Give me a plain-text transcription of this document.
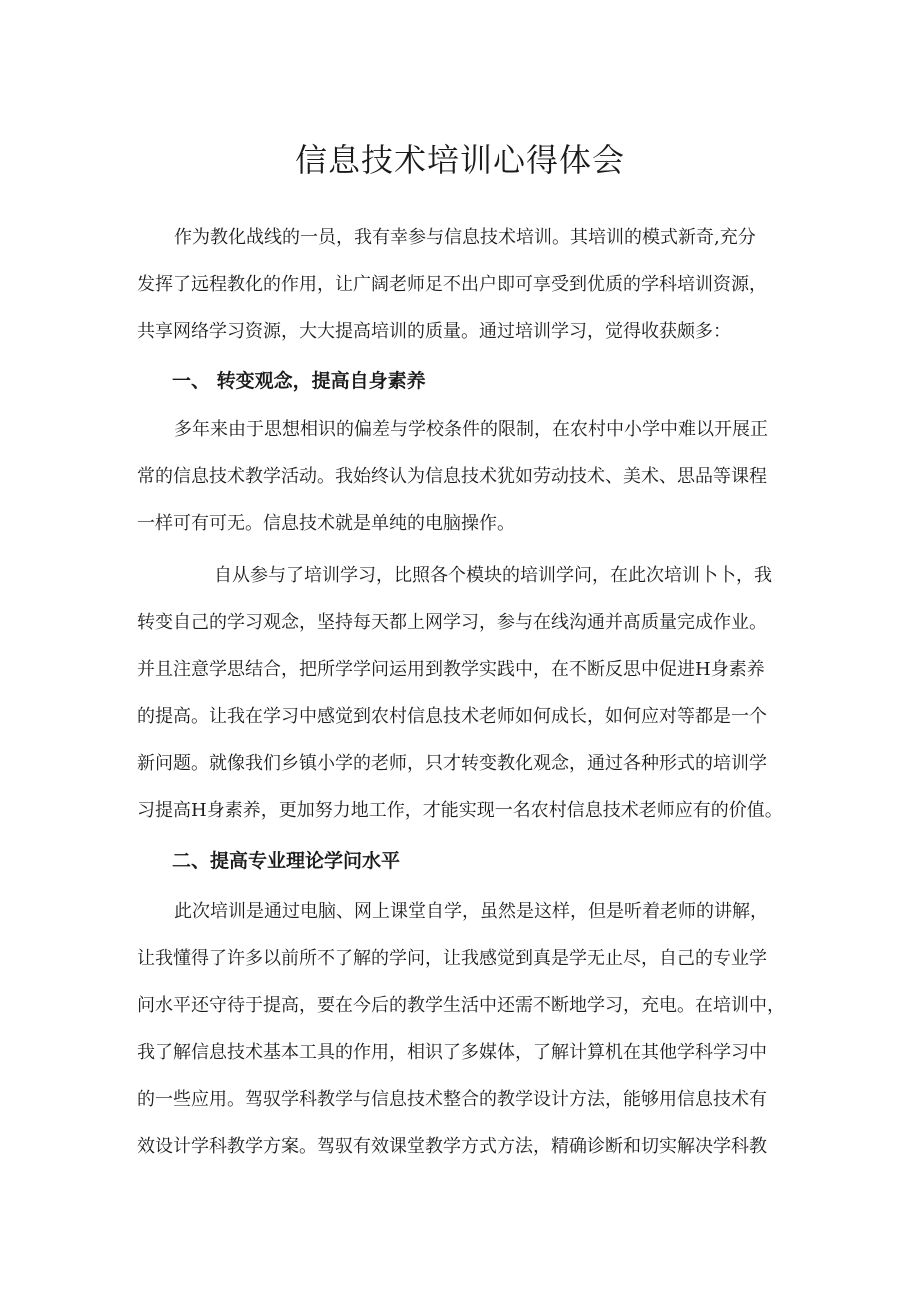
信息技术培训心得体会
作为教化战线的一员，我有幸参与信息技术培训。其培训的模式新奇,充分
发挥了远程教化的作用，让广阔老师足不出户即可享受到优质的学科培训资源，
共享网络学习资源，大大提高培训的质量。通过培训学习，觉得收获颇多：
一、 转变观念，提高自身素养
多年来由于思想相识的偏差与学校条件的限制，在农村中小学中难以开展正
常的信息技术教学活动。我始终认为信息技术犹如劳动技术、美术、思品等课程
一样可有可无。信息技术就是单纯的电脑操作。
自从参与了培训学习，比照各个模块的培训学问，在此次培训卜卜，我
转变自己的学习观念，坚持每天都上网学习，参与在线沟通并髙质量完成作业。
并且注意学思结合，把所学学问运用到教学实践中，在不断反思中促进H身素养
的提高。让我在学习中感觉到农村信息技术老师如何成长，如何应对等都是一个
新问题。就像我们乡镇小学的老师，只才转变教化观念，通过各种形式的培训学
习提高H身素养，更加努力地工作，才能实现一名农村信息技术老师应有的价值。
二、提高专业理论学问水平
此次培训是通过电脑、网上课堂自学，虽然是这样，但是听着老师的讲解，
让我懂得了许多以前所不了解的学问，让我感觉到真是学无止尽，自己的专业学
问水平还守待于提高，要在今后的教学生活中还需不断地学习，充电。在培训中，
我了解信息技术基本工具的作用，相识了多媒体，了解计算机在其他学科学习中
的一些应用。驾驭学科教学与信息技术整合的教学设计方法，能够用信息技术有
效设计学科教学方案。驾驭有效课堂教学方式方法，精确诊断和切实解决学科教
